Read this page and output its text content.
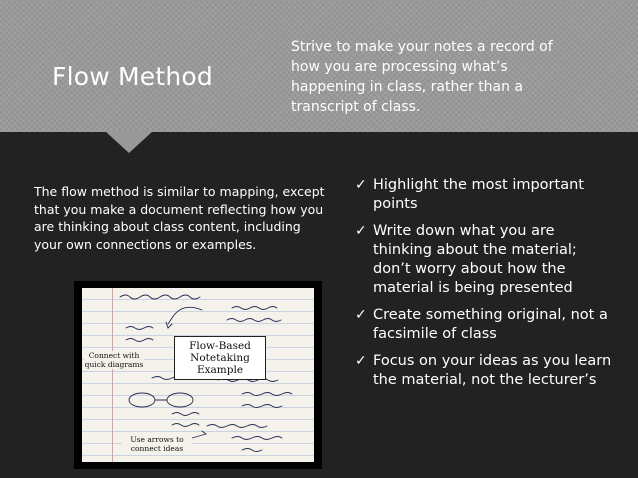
Flow Method
Strive to make your notes a record of how you are processing what’s happening in class, rather than a transcript of class.
The flow method is similar to mapping, except that you make a document reflecting how you are thinking about class content, including your own connections or examples.
✓ Highlight the most important points
✓ Write down what you are thinking about the material; don’t worry about how the material is being presented
✓ Create something original, not a facsimile of class
✓ Focus on your ideas as you learn the material, not the lecturer’s
Flow-Based Notetaking Example
Connect with quick diagrams
Use arrows to connect ideas
